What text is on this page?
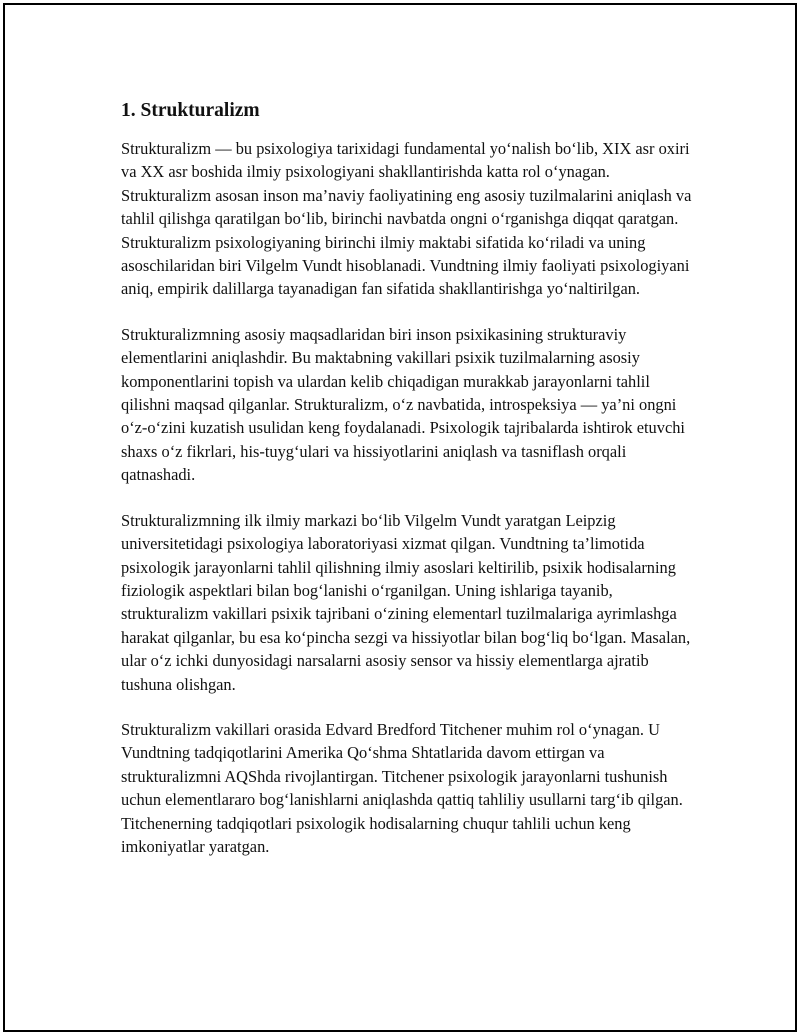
1. Strukturalizm

Strukturalizm — bu psixologiya tarixidagi fundamental yo‘nalish bo‘lib, XIX asr oxiri va XX asr boshida ilmiy psixologiyani shakllantirishda katta rol o‘ynagan. Strukturalizm asosan inson ma’naviy faoliyatining eng asosiy tuzilmalarini aniqlash va tahlil qilishga qaratilgan bo‘lib, birinchi navbatda ongni o‘rganishga diqqat qaratgan. Strukturalizm psixologiyaning birinchi ilmiy maktabi sifatida ko‘riladi va uning asoschilaridan biri Vilgelm Vundt hisoblanadi. Vundtning ilmiy faoliyati psixologiyani aniq, empirik dalillarga tayanadigan fan sifatida shakllantirishga yo‘naltirilgan.

Strukturalizmning asosiy maqsadlaridan biri inson psixikasining strukturaviy elementlarini aniqlashdir. Bu maktabning vakillari psixik tuzilmalarning asosiy komponentlarini topish va ulardan kelib chiqadigan murakkab jarayonlarni tahlil qilishni maqsad qilganlar. Strukturalizm, o‘z navbatida, introspeksiya — ya’ni ongni o‘z-o‘zini kuzatish usulidan keng foydalanadi. Psixologik tajribalarda ishtirok etuvchi shaxs o‘z fikrlari, his-tuyg‘ulari va hissiyotlarini aniqlash va tasniflash orqali qatnashadi.

Strukturalizmning ilk ilmiy markazi bo‘lib Vilgelm Vundt yaratgan Leipzig universitetidagi psixologiya laboratoriyasi xizmat qilgan. Vundtning ta’limotida psixologik jarayonlarni tahlil qilishning ilmiy asoslari keltirilib, psixik hodisalarning fiziologik aspektlari bilan bog‘lanishi o‘rganilgan. Uning ishlariga tayanib, strukturalizm vakillari psixik tajribani o‘zining elementarl tuzilmalariga ayrimlashga harakat qilganlar, bu esa ko‘pincha sezgi va hissiyotlar bilan bog‘liq bo‘lgan. Masalan, ular o‘z ichki dunyosidagi narsalarni asosiy sensor va hissiy elementlarga ajratib tushuna olishgan.

Strukturalizm vakillari orasida Edvard Bredford Titchener muhim rol o‘ynagan. U Vundtning tadqiqotlarini Amerika Qo‘shma Shtatlarida davom ettirgan va strukturalizmni AQShda rivojlantirgan. Titchener psixologik jarayonlarni tushunish uchun elementlararo bog‘lanishlarni aniqlashda qattiq tahliliy usullarni targ‘ib qilgan. Titchenerning tadqiqotlari psixologik hodisalarning chuqur tahlili uchun keng imkoniyatlar yaratgan.
